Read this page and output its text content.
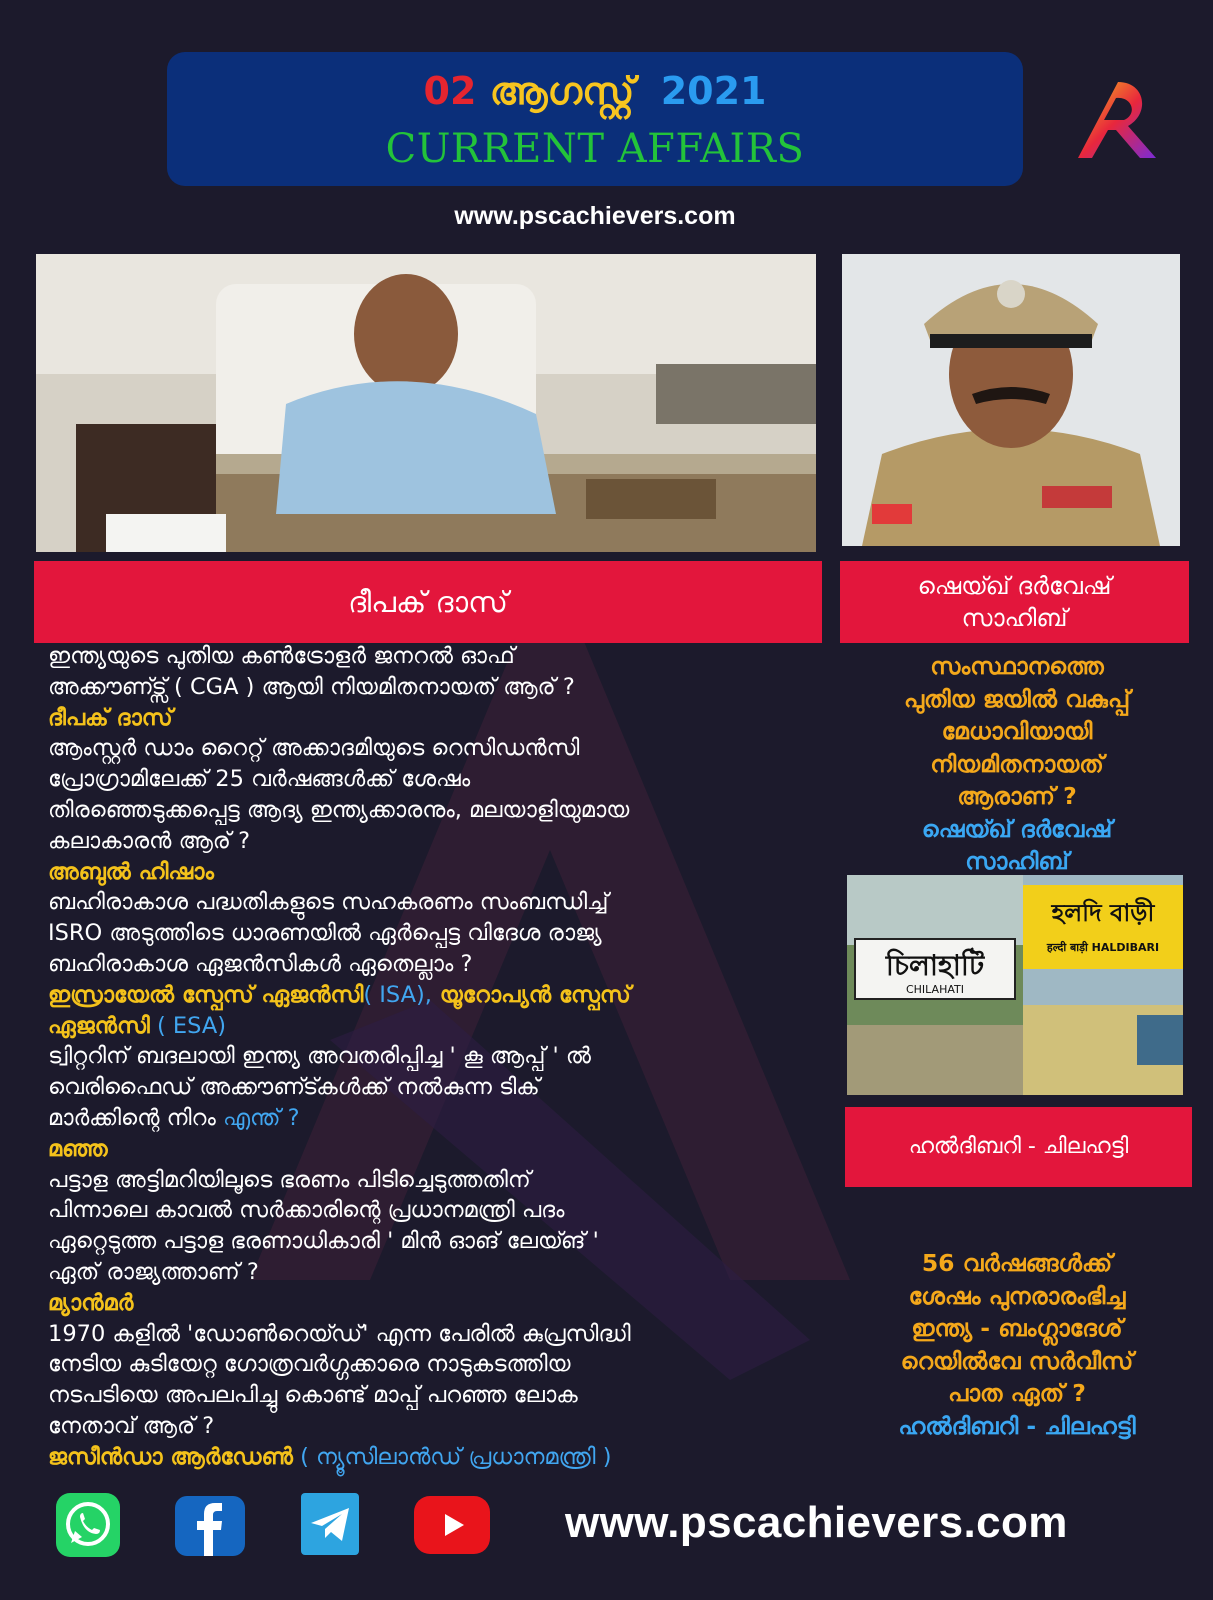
02 ആഗസ്റ്റ് 2021
CURRENT AFFAIRS
www.pscachievers.com
চিলাহাটি
CHILAHATI
হলদি বাড়ী
हल्दी बाड़ी HALDIBARI
ദീപക് ദാസ്	ഷെയ്ഖ് ദർവേഷ്
സാഹിബ്
ഹൽദിബറി - ചിലഹട്ടി
ഇന്ത്യയുടെ പുതിയ കൺട്രോളർ ജനറൽ ഓഫ്
അക്കൗണ്ട്സ് ( CGA ) ആയി നിയമിതനായത് ആര് ?
ദീപക് ദാസ്
ആംസ്റ്റർ ഡാം റൈറ്റ് അക്കാദമിയുടെ റെസിഡൻസി
പ്രോഗ്രാമിലേക്ക് 25 വർഷങ്ങൾക്ക് ശേഷം
തിരഞ്ഞെടുക്കപ്പെട്ട ആദ്യ ഇന്ത്യക്കാരനും, മലയാളിയുമായ
കലാകാരൻ ആര് ?
അബുൽ ഹിഷാം
ബഹിരാകാശ പദ്ധതികളുടെ സഹകരണം സംബന്ധിച്ച്
ISRO അടുത്തിടെ ധാരണയിൽ ഏർപ്പെട്ട വിദേശ രാജ്യ
ബഹിരാകാശ ഏജൻസികൾ ഏതെല്ലാം ?
ഇസ്രായേൽ സ്പേസ് ഏജൻസി( ISA), യൂറോപ്യൻ സ്പേസ്
ഏജൻസി ( ESA)
ട്വിറ്ററിന് ബദലായി ഇന്ത്യ അവതരിപ്പിച്ച ' കൂ ആപ്പ് ' ൽ
വെരിഫൈഡ് അക്കൗണ്ട്കൾക്ക് നൽകുന്ന ടിക്
മാർക്കിന്റെ നിറം എന്ത് ?
മഞ്ഞ
പട്ടാള അട്ടിമറിയിലൂടെ ഭരണം പിടിച്ചെടുത്തതിന്
പിന്നാലെ കാവൽ സർക്കാരിന്റെ പ്രധാനമന്ത്രി പദം
ഏറ്റെടുത്ത പട്ടാള ഭരണാധികാരി ' മിൻ ഓങ് ലേയ്ങ് '
ഏത് രാജ്യത്താണ് ?
മ്യാൻമർ
1970 കളിൽ 'ഡോൺറെയ്ഡ്' എന്ന പേരിൽ കുപ്രസിദ്ധി
നേടിയ കുടിയേറ്റ ഗോത്രവർഗ്ഗക്കാരെ നാടുകടത്തിയ
നടപടിയെ അപലപിച്ചു കൊണ്ട് മാപ്പ് പറഞ്ഞ ലോക
നേതാവ് ആര് ?
ജസീൻഡാ ആർഡേൺ ( ന്യൂസിലാൻഡ് പ്രധാനമന്ത്രി )
സംസ്ഥാനത്തെ
പുതിയ ജയിൽ വകുപ്പ്
മേധാവിയായി
നിയമിതനായത്
ആരാണ് ?
ഷെയ്ഖ് ദർവേഷ്
സാഹിബ്
56 വർഷങ്ങൾക്ക്
ശേഷം പുനരാരംഭിച്ച
ഇന്ത്യ - ബംഗ്ലാദേശ്
റെയിൽവേ സർവീസ്
പാത ഏത് ?
ഹൽദിബറി - ചിലഹട്ടി
www.pscachievers.com
